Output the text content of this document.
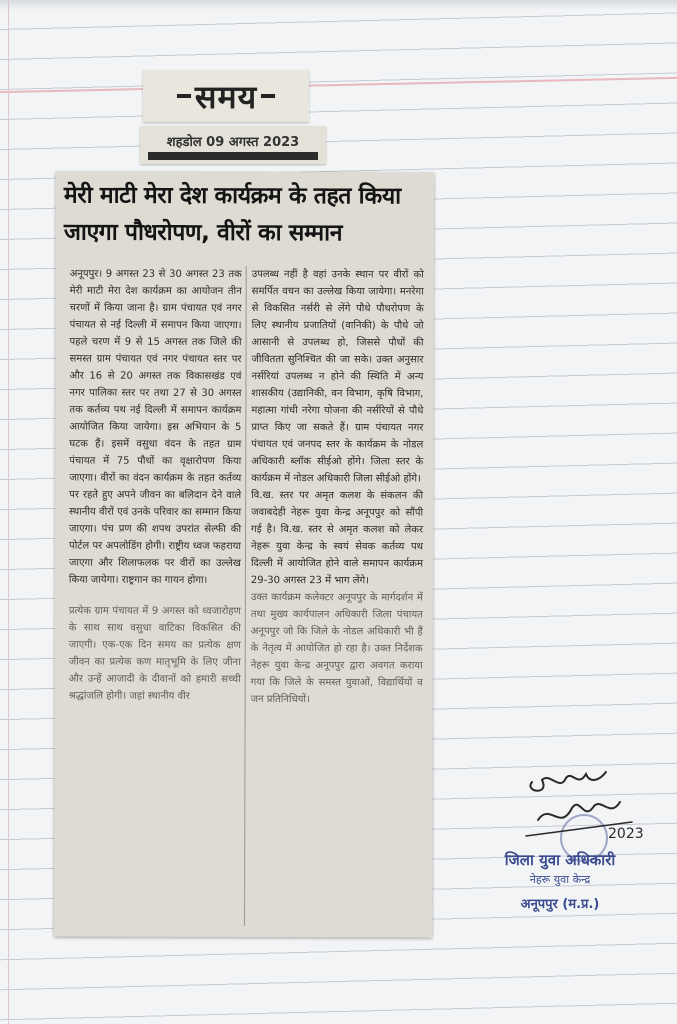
समय
शहडोल 09 अगस्त 2023
मेरी माटी मेरा देश कार्यक्रम के तहत किया जाएगा पौधरोपण, वीरों का सम्मान

अनूपपुर। 9 अगस्त 23 से 30 अगस्त 23 तक मेरी माटी मेरा देश कार्यक्रम का आयोजन तीन चरणों में किया जाना है। ग्राम पंचायत एवं नगर पंचायत से नई दिल्ली में समापन किया जाएगा। पहले चरण में 9 से 15 अगस्त तक जिले की समस्त ग्राम पंचायत एवं नगर पंचायत स्तर पर और 16 से 20 अगस्त तक विकासखंड एवं नगर पालिका स्तर पर तथा 27 से 30 अगस्त तक कर्तव्य पथ नई दिल्ली में समापन कार्यक्रम आयोजित किया जायेगा। इस अभियान के 5 घटक हैं। इसमें वसुधा वंदन के तहत ग्राम पंचायत में 75 पौधों का वृक्षारोपण किया जाएगा। वीरों का वंदन कार्यक्रम के तहत कर्तव्य पर रहते हुए अपने जीवन का बलिदान देने वाले स्थानीय वीरों एवं उनके परिवार का सम्मान किया जाएगा। पंच प्रण की शपथ उपरांत सेल्फी की पोर्टल पर अपलोडिंग होगी। राष्ट्रीय ध्वज फहराया जाएगा और शिलाफलक पर वीरों का उल्लेख किया जायेगा। राष्ट्रगान का गायन होगा।

प्रत्येक ग्राम पंचायत में 9 अगस्त को ध्वजारोहण के साथ साथ वसुधा वाटिका विकसित की जाएगी। एक-एक दिन समय का प्रत्येक क्षण जीवन का प्रत्येक कण मातृभूमि के लिए जीना और उन्हें आजादी के दीवानों को हमारी सच्ची श्रद्धांजलि होगी। जहां स्थानीय वीर

उपलब्ध नहीं है वहां उनके स्थान पर वीरों को समर्पित वचन का उल्लेख किया जायेगा। मनरेगा से विकसित नर्सरी से लेंगे पौधे पौधरोपण के लिए स्थानीय प्रजातियों (वानिकी) के पौधे जो आसानी से उपलब्ध हो, जिससे पौधों की जीवितता सुनिश्चित की जा सके। उक्त अनुसार नर्सरियां उपलब्ध न होने की स्थिति में अन्य शासकीय (उद्यानिकी, वन विभाग, कृषि विभाग, महात्मा गांधी नरेगा योजना की नर्सरियों से पौधे प्राप्त किए जा सकते हैं। ग्राम पंचायत नगर पंचायत एवं जनपद स्तर के कार्यक्रम के नोडल अधिकारी ब्लॉक सीईओ होंगे। जिला स्तर के कार्यक्रम में नोडल अधिकारी जिला सीईओ होंगे।

वि.ख. स्तर पर अमृत कलश के संकलन की जवाबदेही नेहरू युवा केन्द्र अनूपपुर को सौंपी गई है। वि.ख. स्तर से अमृत कलश को लेकर नेहरू युवा केन्द्र के स्वयं सेवक कर्तव्य पथ दिल्ली में आयोजित होने वाले समापन कार्यक्रम 29-30 अगस्त 23 में भाग लेंगे।

उक्त कार्यक्रम कलेक्टर अनूपपुर के मार्गदर्शन में तथा मुख्य कार्यपालन अधिकारी जिला पंचायत अनूपपुर जो कि जिले के नोडल अधिकारी भी हैं के नेतृत्व में आयोजित हो रहा है। उक्त निर्देशक नेहरू युवा केन्द्र अनूपपुर द्वारा अवगत कराया गया कि जिले के समस्त युवाओं, विद्यार्थियों व जन प्रतिनिधियों।

2023
जिला युवा अधिकारी
नेहरू युवा केन्द्र
अनूपपुर (म.प्र.)
